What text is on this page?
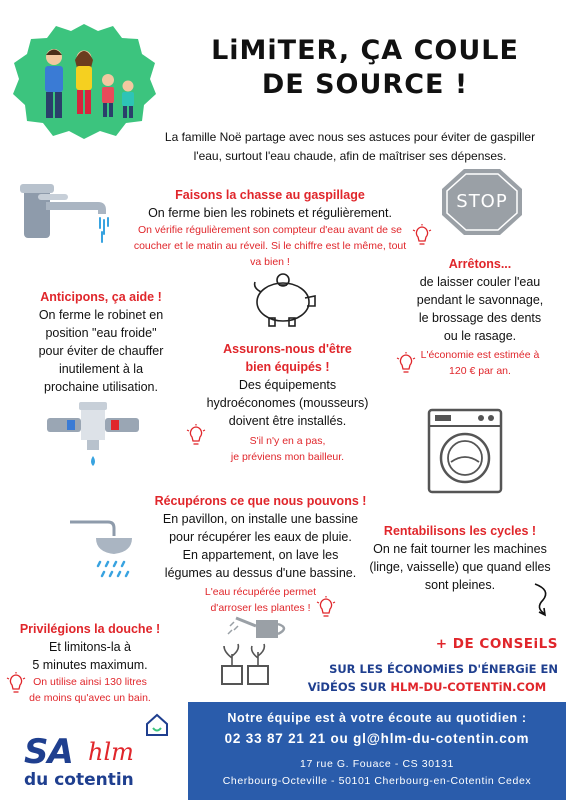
LiMiTER, ÇA COULE
DE SOURCE !
La famille Noë partage avec nous ses astuces pour éviter de gaspiller
l'eau, surtout l'eau chaude, afin de maîtriser ses dépenses.
Faisons la chasse au gaspillage
On ferme bien les robinets et régulièrement.
On vérifie régulièrement son compteur d'eau avant de se
coucher et le matin au réveil. Si le chiffre est le même, tout
va bien !
STOP
Arrêtons...
de laisser couler l'eau
pendant le savonnage,
le brossage des dents
ou le rasage.
L'économie est estimée à
120 € par an.
Anticipons, ça aide !
On ferme le robinet en
position "eau froide"
pour éviter de chauffer
inutilement à la
prochaine utilisation.
Assurons-nous d'être
bien équipés !
Des équipements
hydroéconomes (mousseurs)
doivent être installés.
S'il n'y en a pas,
je préviens mon bailleur.
Récupérons ce que nous pouvons !
En pavillon, on installe une bassine
pour récupérer les eaux de pluie.
En appartement, on lave les
légumes au dessus d'une bassine.
L'eau récupérée permet
d'arroser les plantes !
Rentabilisons les cycles !
On ne fait tourner les machines
(linge, vaisselle) que quand elles
sont pleines.
Privilégions la douche !
Et limitons-la à
5 minutes maximum.
On utilise ainsi 130 litres
de moins qu'avec un bain.
+ DE CONSEiLS
SUR LES ÉCONOMiES D'ÉNERGiE EN
ViDÉOS SUR HLM-DU-COTENTiN.COM
SA hlm
du cotentin
Notre équipe est à votre écoute au quotidien :
02 33 87 21 21 ou gl@hlm-du-cotentin.com
17 rue G. Fouace - CS 30131
Cherbourg-Octeville - 50101 Cherbourg-en-Cotentin Cedex
